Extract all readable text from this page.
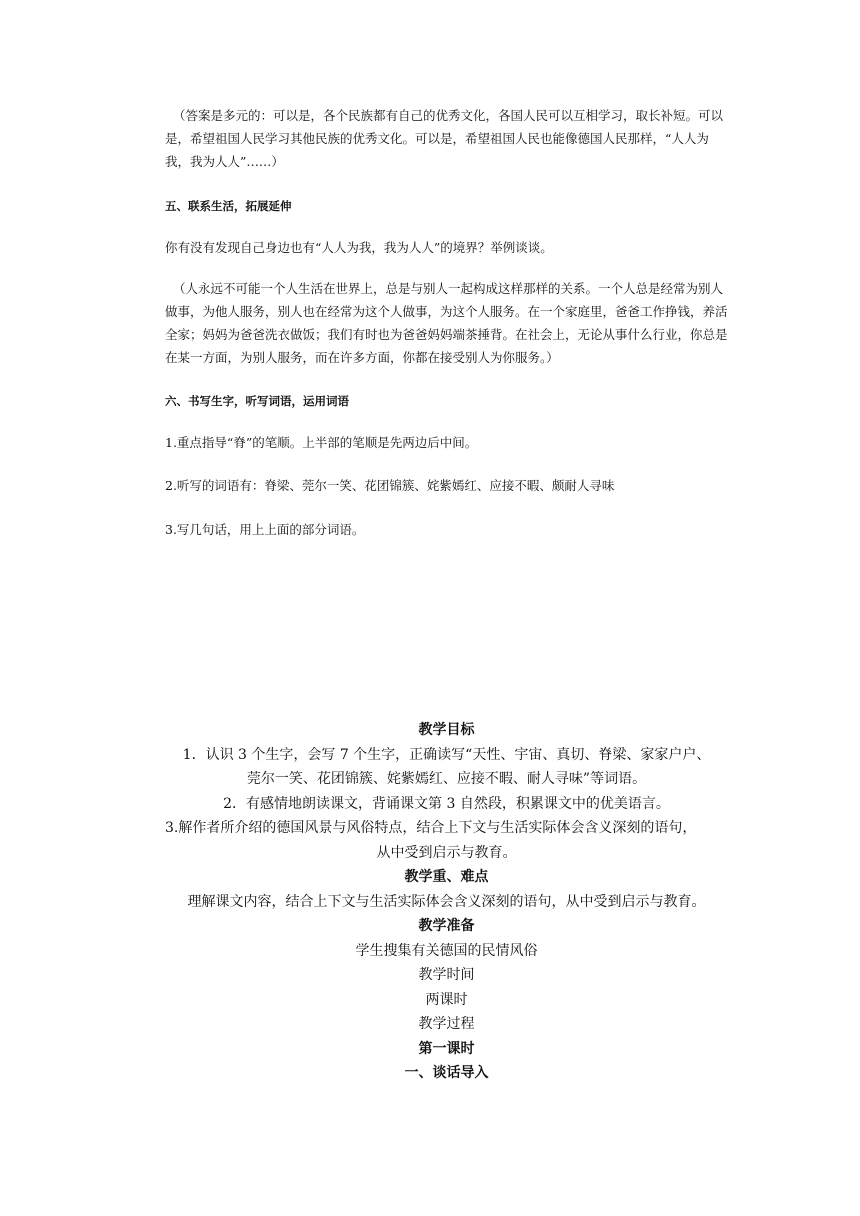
（答案是多元的：可以是，各个民族都有自己的优秀文化，各国人民可以互相学习，取长补短。可以是，希望祖国人民学习其他民族的优秀文化。可以是，希望祖国人民也能像德国人民那样，“人人为我，我为人人”……）

五、联系生活，拓展延伸

你有没有发现自己身边也有“人人为我，我为人人”的境界？举例谈谈。

（人永远不可能一个人生活在世界上，总是与别人一起构成这样那样的关系。一个人总是经常为别人做事，为他人服务，别人也在经常为这个人做事，为这个人服务。在一个家庭里，爸爸工作挣钱，养活全家；妈妈为爸爸洗衣做饭；我们有时也为爸爸妈妈端茶捶背。在社会上，无论从事什么行业，你总是在某一方面，为别人服务，而在许多方面，你都在接受别人为你服务。）

六、书写生字，听写词语，运用词语

1.重点指导“脊”的笔顺。上半部的笔顺是先两边后中间。

2.听写的词语有：脊梁、莞尔一笑、花团锦簇、姹紫嫣红、应接不暇、颇耐人寻味

3.写几句话，用上上面的部分词语。

教学目标

1．认识 3 个生字，会写 7 个生字，正确读写“天性、宇宙、真切、脊梁、家家户户、

莞尔一笑、花团锦簇、姹紫嫣红、应接不暇、耐人寻味”等词语。

2．有感情地朗读课文，背诵课文第 3 自然段，积累课文中的优美语言。

3.解作者所介绍的德国风景与风俗特点，结合上下文与生活实际体会含义深刻的语句，

从中受到启示与教育。

教学重、难点

理解课文内容，结合上下文与生活实际体会含义深刻的语句，从中受到启示与教育。

教学准备

学生搜集有关德国的民情风俗

教学时间

两课时

教学过程

第一课时

一、谈话导入
